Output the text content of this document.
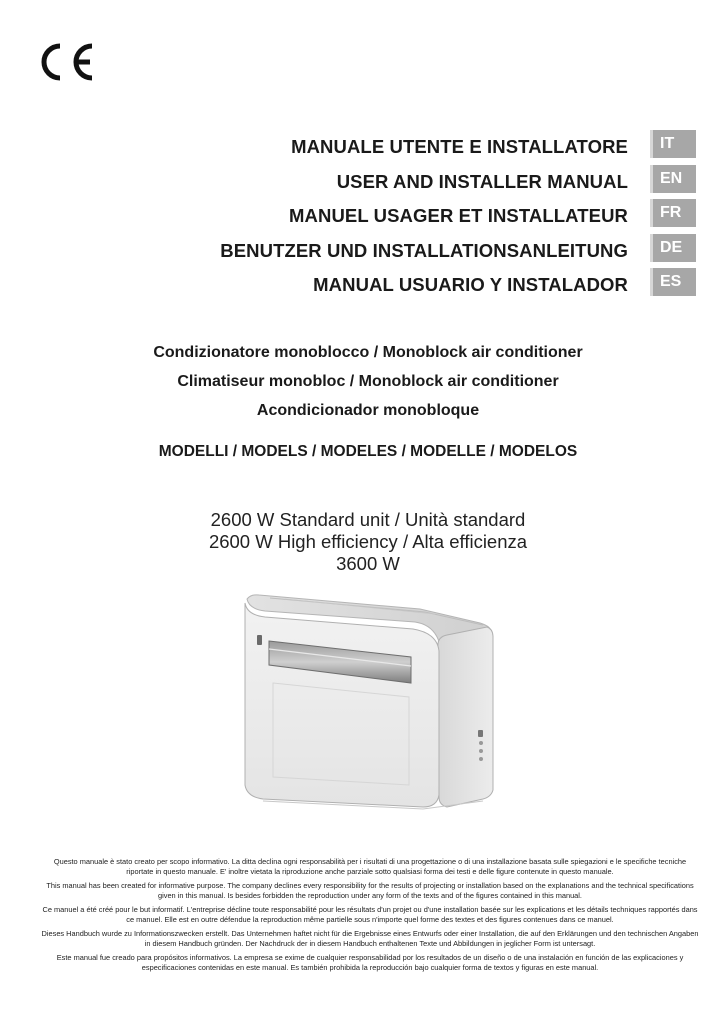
MANUALE UTENTE E INSTALLATORE
USER AND INSTALLER MANUAL
MANUEL USAGER ET INSTALLATEUR
BENUTZER UND INSTALLATIONSANLEITUNG
MANUAL USUARIO Y INSTALADOR
IT
EN
FR
DE
ES
Condizionatore monoblocco / Monoblock air conditioner
Climatiseur monobloc / Monoblock air conditioner
Acondicionador monobloque
MODELLI / MODELS / MODELES / MODELLE / MODELOS
2600 W Standard unit / Unità standard
2600 W High efficiency / Alta efficienza
3600 W

Questo manuale è stato creato per scopo informativo. La ditta declina ogni responsabilità per i risultati di una progettazione o di una installazione basata sulle spiegazioni e le specifiche tecniche riportate in questo manuale. E' inoltre vietata la riproduzione anche parziale sotto qualsiasi forma dei testi e delle figure contenute in questo manuale.

This manual has been created for informative purpose. The company declines every responsibility for the results of projecting or installation based on the explanations and the technical specifications given in this manual. Is besides forbidden the reproduction under any form of the texts and of the figures contained in this manual.

Ce manuel a été créé pour le but informatif. L'entreprise décline toute responsabilité pour les résultats d'un projet ou d'une installation basée sur les explications et les détails techniques rapportés dans ce manuel. Elle est en outre défendue la reproduction même partielle sous n'importe quel forme des textes et des figures contenues dans ce manuel.

Dieses Handbuch wurde zu Informationszwecken erstellt. Das Unternehmen haftet nicht für die Ergebnisse eines Entwurfs oder einer Installation, die auf den Erklärungen und den technischen Angaben in diesem Handbuch gründen. Der Nachdruck der in diesem Handbuch enthaltenen Texte und Abbildungen in jeglicher Form ist untersagt.

Este manual fue creado para propósitos informativos. La empresa se exime de cualquier responsabilidad por los resultados de un diseño o de una instalación en función de las explicaciones y especificaciones contenidas en este manual. Es también prohibida la reproducción bajo cualquier forma de textos y figuras en este manual.
